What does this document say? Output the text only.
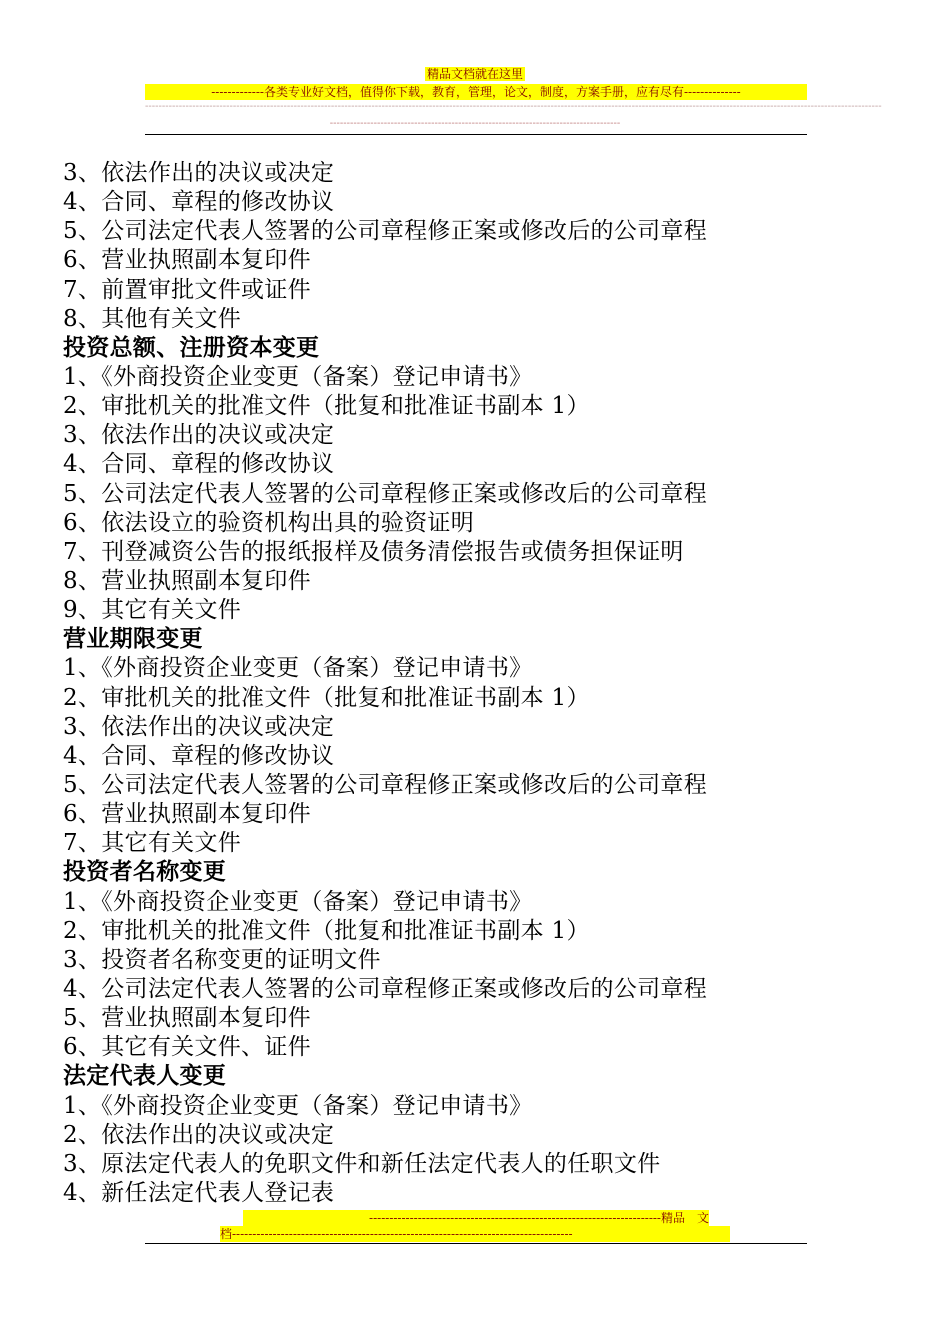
精品文档就在这里
-------------各类专业好文档，值得你下载，教育，管理，论文，制度，方案手册，应有尽有--------------
--------------------------------------------------------------------------------------------------------------------------------------------------------------------------------------------------------------------------
--------------------------------------------------------------------------------------
3、依法作出的决议或决定
4、合同、章程的修改协议
5、公司法定代表人签署的公司章程修正案或修改后的公司章程
6、营业执照副本复印件
7、前置审批文件或证件
8、其他有关文件
投资总额、注册资本变更
1、《外商投资企业变更（备案）登记申请书》
2、审批机关的批准文件（批复和批准证书副本 1）
3、依法作出的决议或决定
4、合同、章程的修改协议
5、公司法定代表人签署的公司章程修正案或修改后的公司章程
6、依法设立的验资机构出具的验资证明
7、刊登减资公告的报纸报样及债务清偿报告或债务担保证明
8、营业执照副本复印件
9、其它有关文件
营业期限变更
1、《外商投资企业变更（备案）登记申请书》
2、审批机关的批准文件（批复和批准证书副本 1）
3、依法作出的决议或决定
4、合同、章程的修改协议
5、公司法定代表人签署的公司章程修正案或修改后的公司章程
6、营业执照副本复印件
7、其它有关文件
投资者名称变更
1、《外商投资企业变更（备案）登记申请书》
2、审批机关的批准文件（批复和批准证书副本 1）
3、投资者名称变更的证明文件
4、公司法定代表人签署的公司章程修正案或修改后的公司章程
5、营业执照副本复印件
6、其它有关文件、证件
法定代表人变更
1、《外商投资企业变更（备案）登记申请书》
2、依法作出的决议或决定
3、原法定代表人的免职文件和新任法定代表人的任职文件
4、新任法定代表人登记表
------------------------------------------------------------------------精品　文
档------------------------------------------------------------------------------------
